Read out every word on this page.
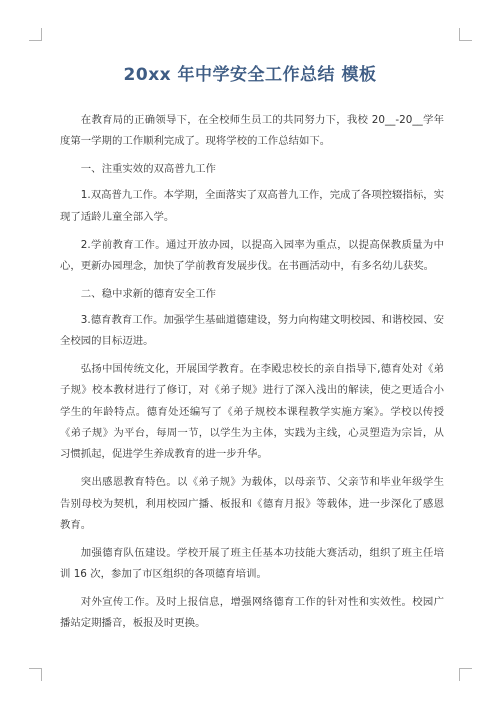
20xx 年中学安全工作总结 模板

在教育局的正确领导下，在全校师生员工的共同努力下，我校 20__-20__学年度第一学期的工作顺利完成了。现将学校的工作总结如下。

一、注重实效的双高普九工作

1.双高普九工作。本学期，全面落实了双高普九工作，完成了各项控辍指标，实现了适龄儿童全部入学。

2.学前教育工作。通过开放办园，以提高入园率为重点，以提高保教质量为中心，更新办园理念，加快了学前教育发展步伐。在书画活动中，有多名幼儿获奖。

二、稳中求新的德育安全工作

3.德育教育工作。加强学生基础道德建设，努力向构建文明校园、和谐校园、安全校园的目标迈进。

弘扬中国传统文化，开展国学教育。在李殿忠校长的亲自指导下,德育处对《弟子规》校本教材进行了修订，对《弟子规》进行了深入浅出的解读，使之更适合小学生的年龄特点。德育处还编写了《弟子规校本课程教学实施方案》。学校以传授《弟子规》为平台，每周一节，以学生为主体，实践为主线，心灵塑造为宗旨，从习惯抓起，促进学生养成教育的进一步升华。

突出感恩教育特色。以《弟子规》为载体，以母亲节、父亲节和毕业年级学生告别母校为契机，利用校园广播、板报和《德育月报》等载体，进一步深化了感恩教育。

加强德育队伍建设。学校开展了班主任基本功技能大赛活动，组织了班主任培训 16 次，参加了市区组织的各项德育培训。

对外宣传工作。及时上报信息，增强网络德育工作的针对性和实效性。校园广播站定期播音，板报及时更换。
